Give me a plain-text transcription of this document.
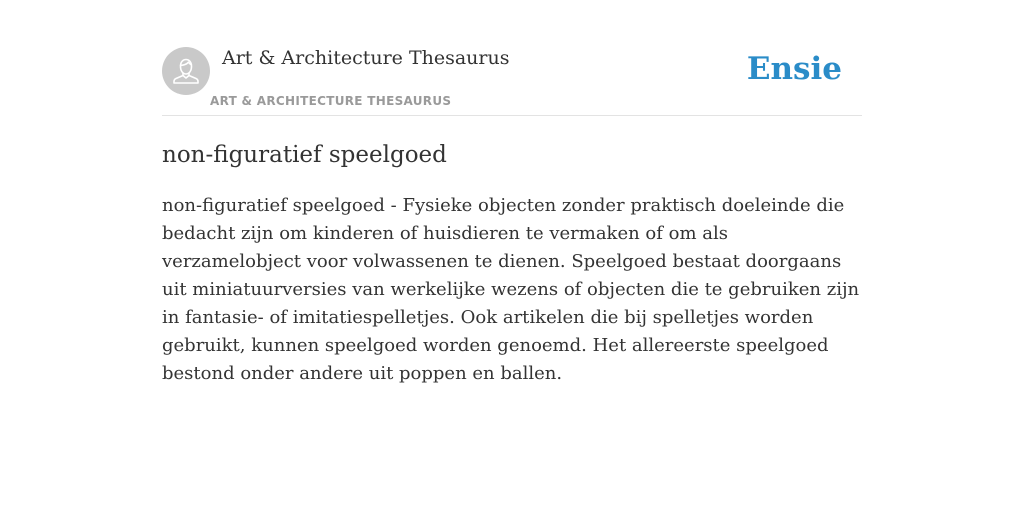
Art & Architecture Thesaurus
ART & ARCHITECTURE THESAURUS
Ensie
non-figuratief speelgoed

non-figuratief speelgoed - Fysieke objecten zonder praktisch doeleinde die bedacht zijn om kinderen of huisdieren te vermaken of om als verzamelobject voor volwassenen te dienen. Speelgoed bestaat doorgaans uit miniatuurversies van werkelijke wezens of objecten die te gebruiken zijn in fantasie- of imitatiespelletjes. Ook artikelen die bij spelletjes worden gebruikt, kunnen speelgoed worden genoemd. Het allereerste speelgoed bestond onder andere uit poppen en ballen.
